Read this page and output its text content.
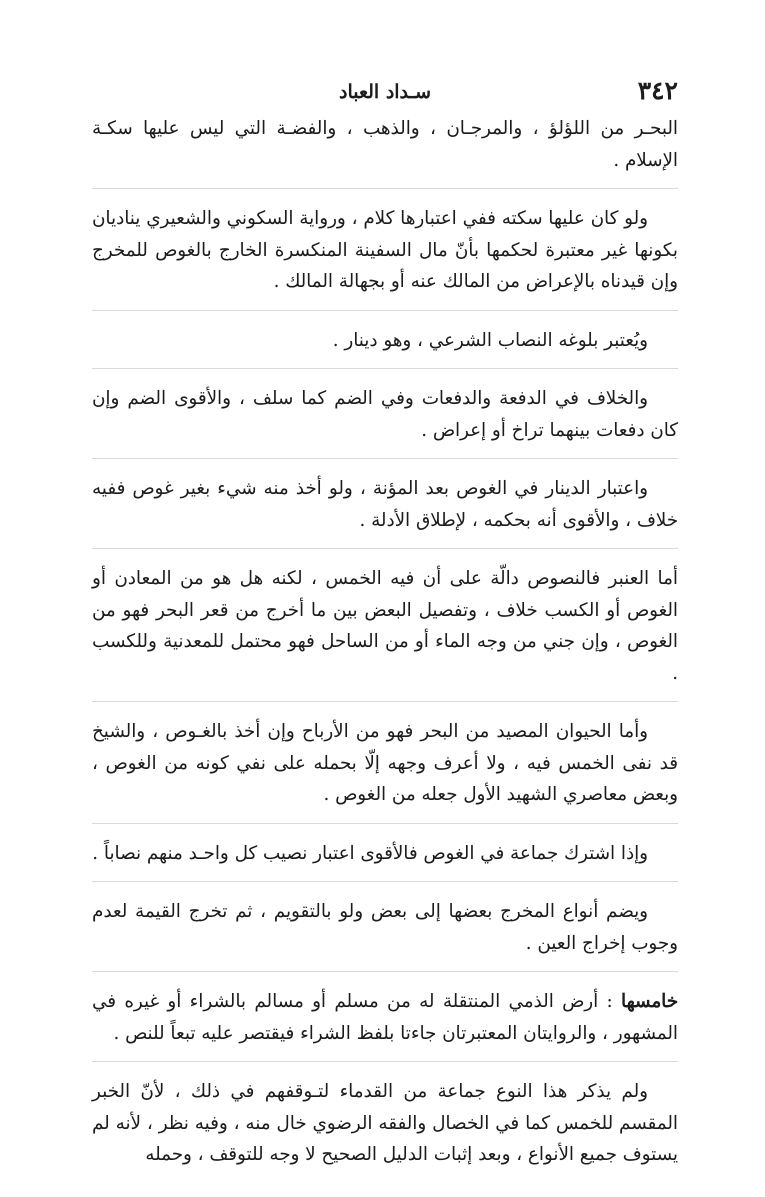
٣٤٢
سـداد العباد

البحـر من اللؤلؤ ، والمرجـان ، والذهب ، والفضـة التي ليس عليها سكـة الإسلام .

ولو كان عليها سكته ففي اعتبارها كلام ، ورواية السكوني والشعيري يناديان بكونها غير معتبرة لحكمها بأنّ مال السفينة المنكسرة الخارج بالغوص للمخرج وإن قيدناه بالإعراض من المالك عنه أو بجهالة المالك .

ويُعتبر بلوغه النصاب الشرعي ، وهو دينار .

والخلاف في الدفعة والدفعات وفي الضم كما سلف ، والأقوى الضم وإن كان دفعات بينهما تراخ أو إعراض .

واعتبار الدينار في الغوص بعد المؤنة ، ولو أخذ منه شيء بغير غوص ففيه خلاف ، والأقوى أنه بحكمه ، لإطلاق الأدلة .

أما العنبر فالنصوص دالّة على أن فيه الخمس ، لكنه هل هو من المعادن أو الغوص أو الكسب خلاف ، وتفصيل البعض بين ما أخرج من قعر البحر فهو من الغوص ، وإن جني من وجه الماء أو من الساحل فهو محتمل للمعدنية وللكسب .

وأما الحيوان المصيد من البحر فهو من الأرباح وإن أخذ بالغـوص ، والشيخ قد نفى الخمس فيه ، ولا أعرف وجهه إلّا بحمله على نفي كونه من الغوص ، وبعض معاصري الشهيد الأول جعله من الغوص .

وإذا اشترك جماعة في الغوص فالأقوى اعتبار نصيب كل واحـد منهم نصاباً .

ويضم أنواع المخرج بعضها إلى بعض ولو بالتقويم ، ثم تخرج القيمة لعدم وجوب إخراج العين .

خامسها : أرض الذمي المنتقلة له من مسلم أو مسالم بالشراء أو غيره في المشهور ، والروايتان المعتبرتان جاءتا بلفظ الشراء فيقتصر عليه تبعاً للنص .

ولم يذكر هذا النوع جماعة من القدماء لتـوقفهم في ذلك ، لأنّ الخبر المقسم للخمس كما في الخصال والفقه الرضوي خال منه ، وفيه نظر ، لأنه لم يستوف جميع الأنواع ، وبعد إثبات الدليل الصحيح لا وجه للتوقف ، وحمله
